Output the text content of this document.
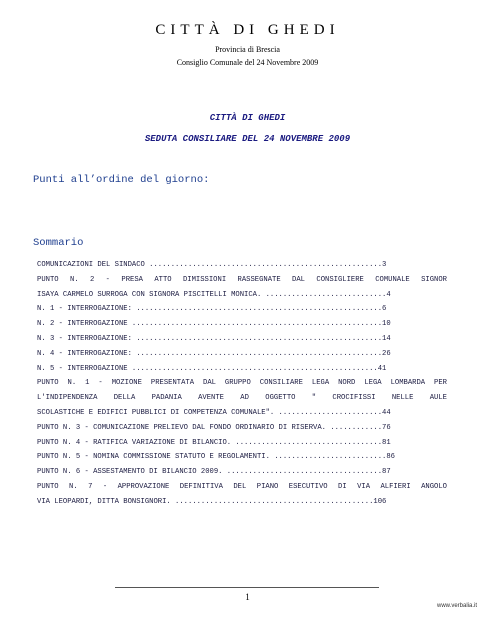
CITTÀ DI GHEDI
Provincia di Brescia
Consiglio Comunale del 24 Novembre 2009
CITTÀ DI GHEDI
SEDUTA CONSILIARE DEL 24 NOVEMBRE 2009
Punti all’ordine del giorno:
Sommario
COMUNICAZIONI DEL SINDACO ......................................................3
PUNTO N. 2 - PRESA ATTO DIMISSIONI RASSEGNATE DAL CONSIGLIERE COMUNALE SIGNOR
ISAYA CARMELO SURROGA CON SIGNORA PISCITELLI MONICA. ............................4
N. 1 - INTERROGAZIONE: .........................................................6
N. 2 - INTERROGAZIONE ..........................................................10
N. 3 - INTERROGAZIONE: .........................................................14
N. 4 - INTERROGAZIONE: .........................................................26
N. 5 - INTERROGAZIONE .........................................................41
PUNTO N. 1 - MOZIONE PRESENTATA DAL GRUPPO CONSILIARE LEGA NORD LEGA LOMBARDA PER
L'INDIPENDENZA DELLA PADANIA AVENTE AD OGGETTO " CROCIFISSI NELLE AULE
SCOLASTICHE E EDIFICI PUBBLICI DI COMPETENZA COMUNALE". ........................44
PUNTO N. 3 - COMUNICAZIONE PRELIEVO DAL FONDO ORDINARIO DI RISERVA. ............76
PUNTO N. 4 - RATIFICA VARIAZIONE DI BILANCIO. ..................................81
PUNTO N. 5 - NOMINA COMMISSIONE STATUTO E REGOLAMENTI. ..........................86
PUNTO N. 6 - ASSESTAMENTO DI BILANCIO 2009. ....................................87
PUNTO N. 7 - APPROVAZIONE DEFINITIVA DEL PIANO ESECUTIVO DI VIA ALFIERI ANGOLO
VIA LEOPARDI, DITTA BONSIGNORI. ..............................................106
1
www.verbalia.it
